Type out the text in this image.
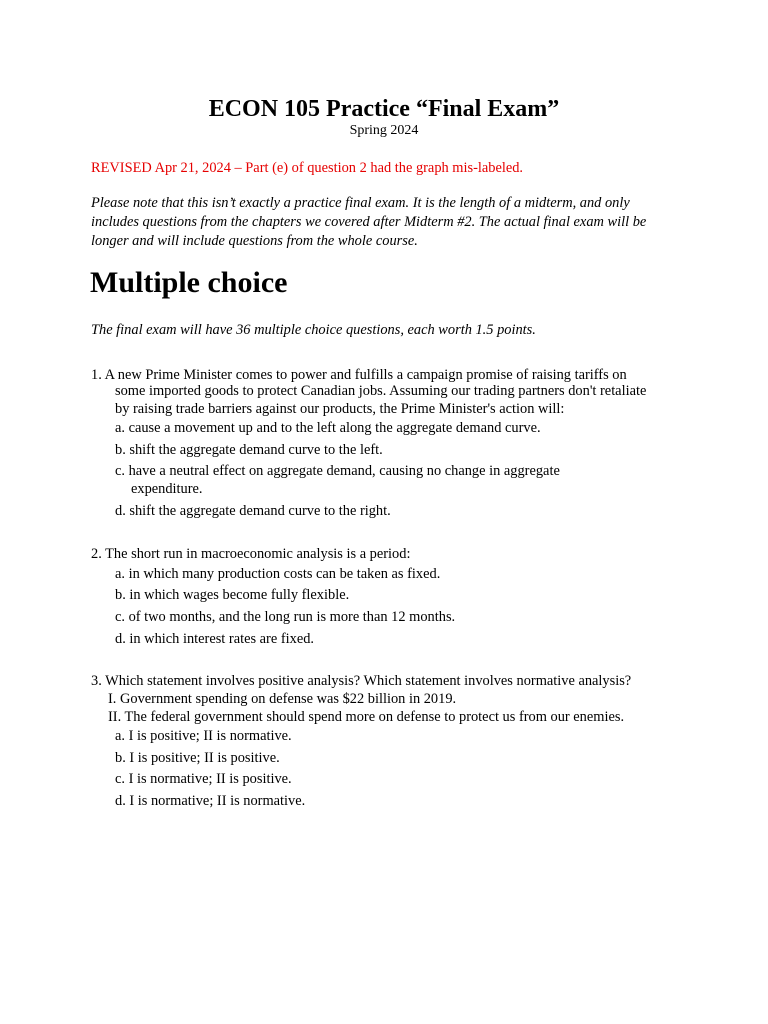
ECON 105 Practice “Final Exam”
Spring 2024
REVISED Apr 21, 2024 – Part (e) of question 2 had the graph mis-labeled.
Please note that this isn’t exactly a practice final exam. It is the length of a midterm, and only
includes questions from the chapters we covered after Midterm #2. The actual final exam will be
longer and will include questions from the whole course.
Multiple choice
The final exam will have 36 multiple choice questions, each worth 1.5 points.
1. A new Prime Minister comes to power and fulfills a campaign promise of raising tariffs on
some imported goods to protect Canadian jobs. Assuming our trading partners don't retaliate
by raising trade barriers against our products, the Prime Minister's action will:
a. cause a movement up and to the left along the aggregate demand curve.
b. shift the aggregate demand curve to the left.
c. have a neutral effect on aggregate demand, causing no change in aggregate
expenditure.
d. shift the aggregate demand curve to the right.
2. The short run in macroeconomic analysis is a period:
a. in which many production costs can be taken as fixed.
b. in which wages become fully flexible.
c. of two months, and the long run is more than 12 months.
d. in which interest rates are fixed.
3. Which statement involves positive analysis? Which statement involves normative analysis?
I. Government spending on defense was $22 billion in 2019.
II. The federal government should spend more on defense to protect us from our enemies.
a. I is positive; II is normative.
b. I is positive; II is positive.
c. I is normative; II is positive.
d. I is normative; II is normative.
